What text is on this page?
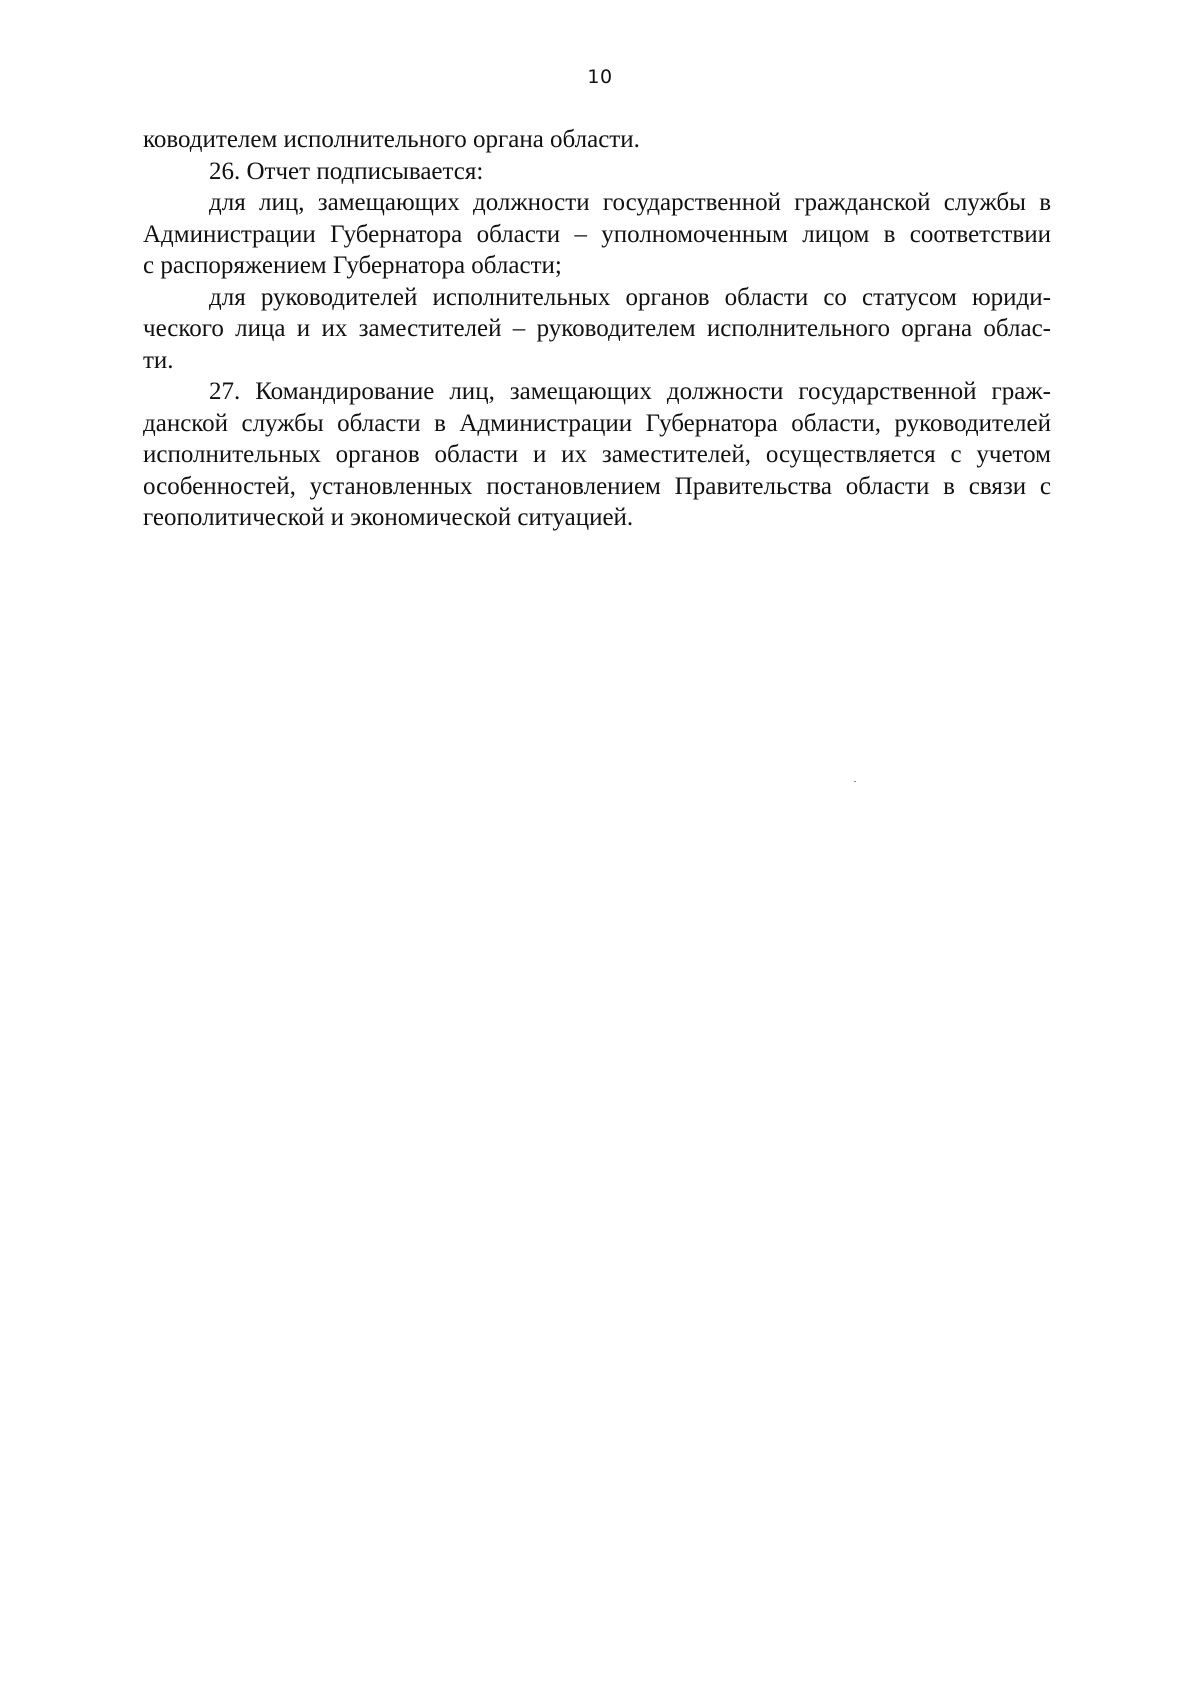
10
ководителем исполнительного органа области.
26. Отчет подписывается:
для лиц, замещающих должности государственной гражданской службы в
Администрации Губернатора области – уполномоченным лицом в соответствии
с распоряжением Губернатора области;
для руководителей исполнительных органов области со статусом юриди-
ческого лица и их заместителей – руководителем исполнительного органа облас-
ти.
27. Командирование лиц, замещающих должности государственной граж-
данской службы области в Администрации Губернатора области, руководителей
исполнительных органов области и их заместителей, осуществляется с учетом
особенностей, установленных постановлением Правительства области в связи с
геополитической и экономической ситуацией.
